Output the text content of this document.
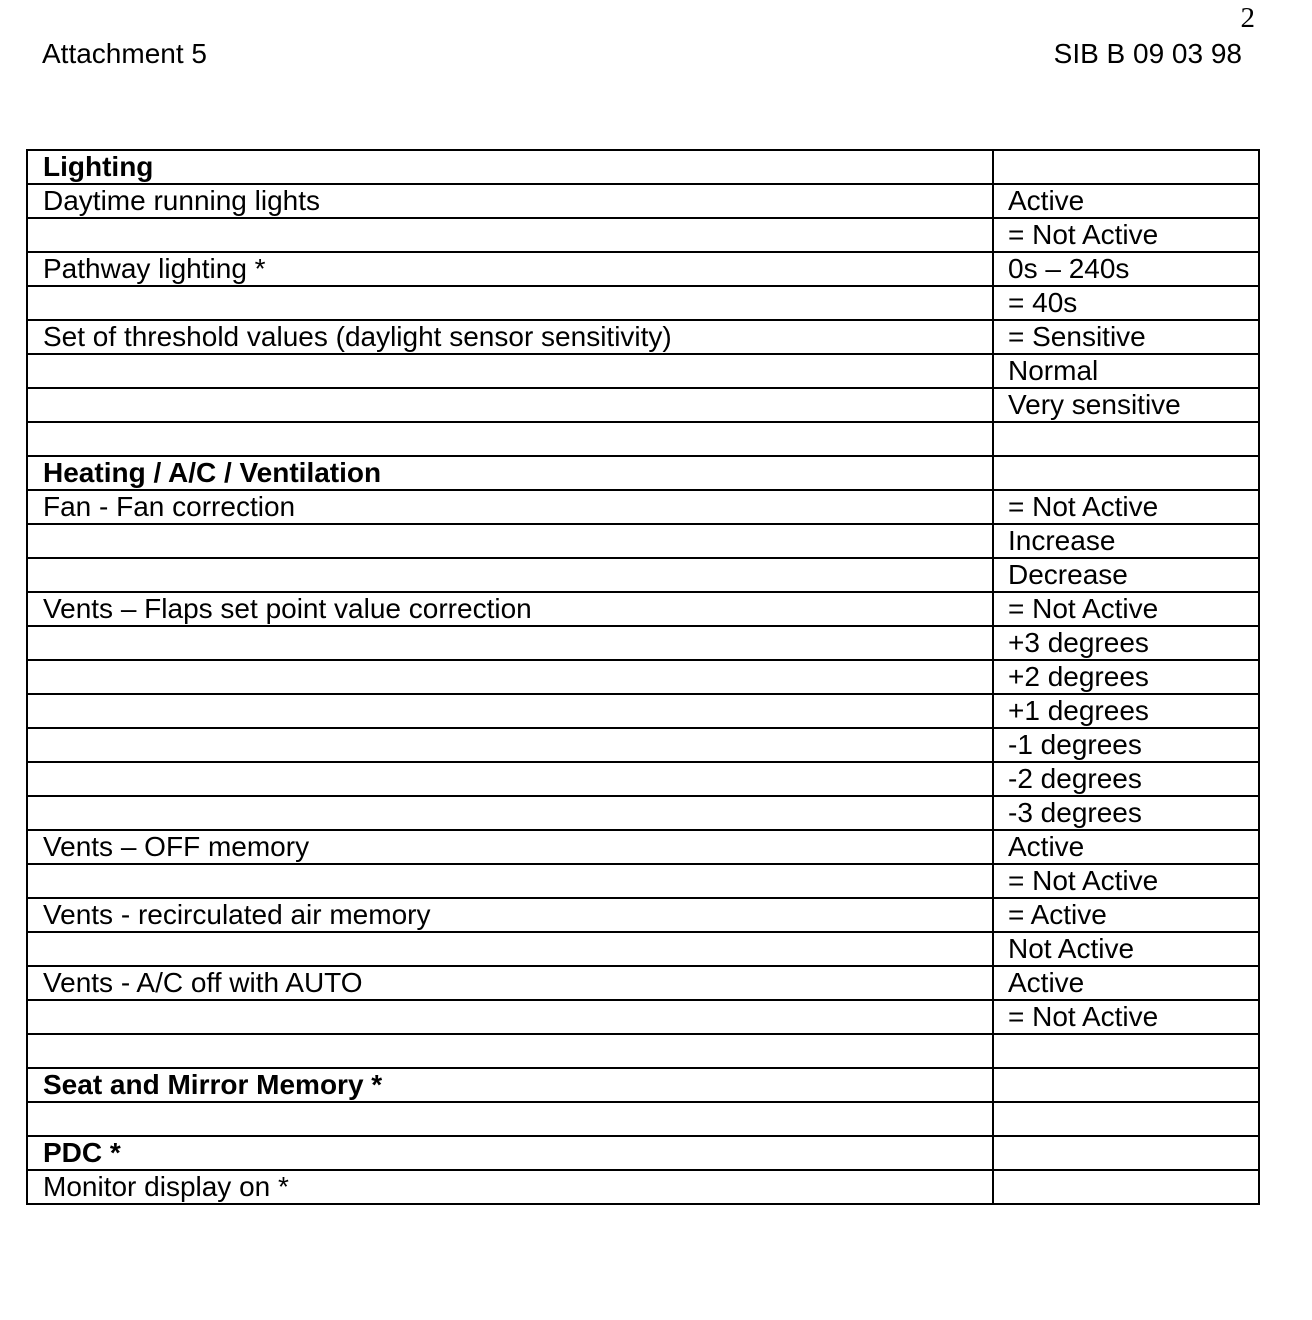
2
Attachment 5	SIB B 09 03 98
Lighting	
Daytime running lights	Active
	= Not Active
Pathway lighting *	0s – 240s
	= 40s
Set of threshold values (daylight sensor sensitivity)	= Sensitive
	Normal
	Very sensitive

Heating / A/C / Ventilation	
Fan - Fan correction	= Not Active
	Increase
	Decrease
Vents – Flaps set point value correction	= Not Active
	+3 degrees
	+2 degrees
	+1 degrees
	-1 degrees
	-2 degrees
	-3 degrees
Vents – OFF memory	Active
	= Not Active
Vents - recirculated air memory	= Active
	Not Active
Vents - A/C off with AUTO	Active
	= Not Active

Seat and Mirror Memory *	

PDC *	
Monitor display on *	
